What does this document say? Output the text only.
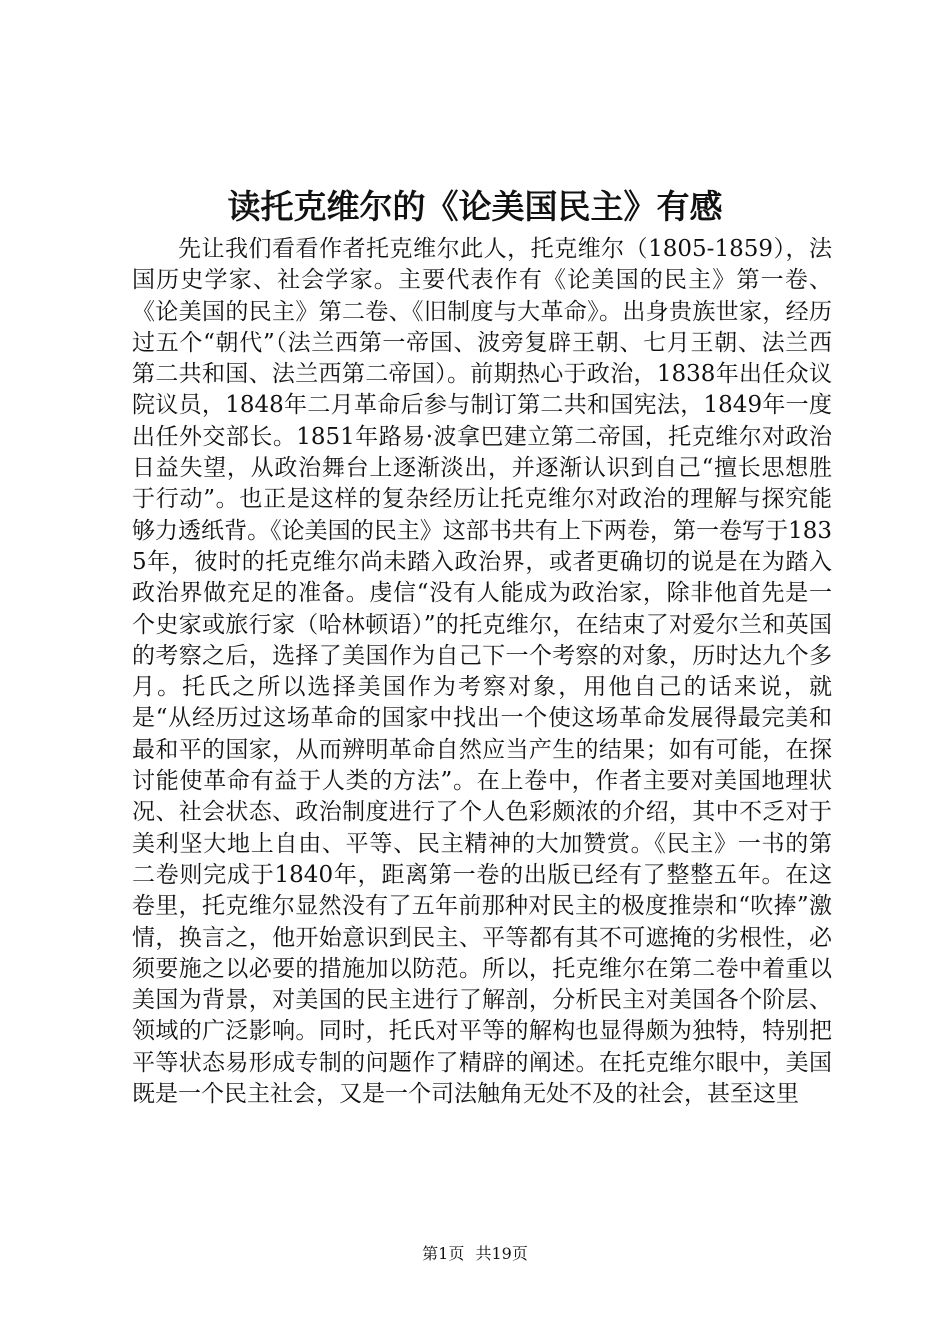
读托克维尔的《论美国民主》有感

先让我们看看作者托克维尔此人，托克维尔（1805-1859），法国历史学家、社会学家。主要代表作有《论美国的民主》第一卷、《论美国的民主》第二卷、《旧制度与大革命》。出身贵族世家，经历过五个“朝代”（法兰西第一帝国、波旁复辟王朝、七月王朝、法兰西第二共和国、法兰西第二帝国）。前期热心于政治，1838年出任众议院议员，1848年二月革命后参与制订第二共和国宪法，1849年一度出任外交部长。1851年路易·波拿巴建立第二帝国，托克维尔对政治日益失望，从政治舞台上逐渐淡出，并逐渐认识到自己“擅长思想胜于行动”。也正是这样的复杂经历让托克维尔对政治的理解与探究能够力透纸背。《论美国的民主》这部书共有上下两卷，第一卷写于1835年，彼时的托克维尔尚未踏入政治界，或者更确切的说是在为踏入政治界做充足的准备。虔信“没有人能成为政治家，除非他首先是一个史家或旅行家（哈林顿语）”的托克维尔，在结束了对爱尔兰和英国的考察之后，选择了美国作为自己下一个考察的对象，历时达九个多月。托氏之所以选择美国作为考察对象，用他自己的话来说，就是“从经历过这场革命的国家中找出一个使这场革命发展得最完美和最和平的国家，从而辨明革命自然应当产生的结果；如有可能，在探讨能使革命有益于人类的方法”。在上卷中，作者主要对美国地理状况、社会状态、政治制度进行了个人色彩颇浓的介绍，其中不乏对于美利坚大地上自由、平等、民主精神的大加赞赏。《民主》一书的第二卷则完成于1840年，距离第一卷的出版已经有了整整五年。在这卷里，托克维尔显然没有了五年前那种对民主的极度推崇和“吹捧”激情，换言之，他开始意识到民主、平等都有其不可遮掩的劣根性，必须要施之以必要的措施加以防范。所以，托克维尔在第二卷中着重以美国为背景，对美国的民主进行了解剖，分析民主对美国各个阶层、领域的广泛影响。同时，托氏对平等的解构也显得颇为独特，特别把平等状态易形成专制的问题作了精辟的阐述。在托克维尔眼中，美国既是一个民主社会，又是一个司法触角无处不及的社会，甚至这里

第1页 共19页
